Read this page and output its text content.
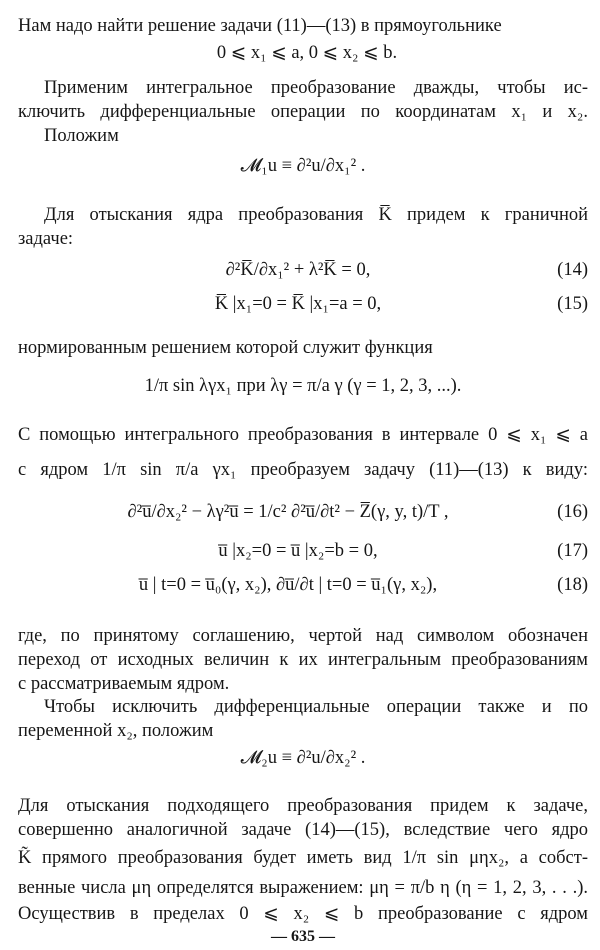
Нам надо найти решение задачи (11)—(13) в прямоугольнике
0 ⩽ x₁ ⩽ a, 0 ⩽ x₂ ⩽ b.
Применим интегральное преобразование дважды, чтобы ис-
ключить дифференциальные операции по координатам x₁ и x₂.
Положим
𝓜₁u ≡ ∂²u/∂x₁² .
Для отыскания ядра преобразования K̅ придем к граничной
задаче:
∂²K̅/∂x₁² + λ²K̅ = 0,	(14)
K̅ |x₁=0 = K̅ |x₁=a = 0,	(15)
нормированным решением которой служит функция
1/π sin λγx₁ при λγ = π/a γ (γ = 1, 2, 3, ...).
С помощью интегрального преобразования в интервале 0 ⩽ x₁ ⩽ a
с ядром 1/π sin π/a γx₁ преобразуем задачу (11)—(13) к виду:
∂²u̅/∂x₂² − λγ²u̅ = 1/c² ∂²u̅/∂t² − Z̅(γ, y, t)/T ,	(16)
u̅ |x₂=0 = u̅ |x₂=b = 0,	(17)
u̅ | t=0 = u̅₀(γ, x₂), ∂u̅/∂t | t=0 = u̅₁(γ, x₂),	(18)
где, по принятому соглашению, чертой над символом обозначен
переход от исходных величин к их интегральным преобразованиям
с рассматриваемым ядром.
Чтобы исключить дифференциальные операции также и по
переменной x₂, положим
𝓜₂u ≡ ∂²u/∂x₂² .
Для отыскания подходящего преобразования придем к задаче,
совершенно аналогичной задаче (14)—(15), вследствие чего ядро
K̃ прямого преобразования будет иметь вид 1/π sin μηx₂, а собст-
венные числа μη определятся выражением: μη = π/b η (η = 1, 2, 3, . . .).
Осуществив в пределах 0 ⩽ x₂ ⩽ b преобразование с ядром
— 635 —
